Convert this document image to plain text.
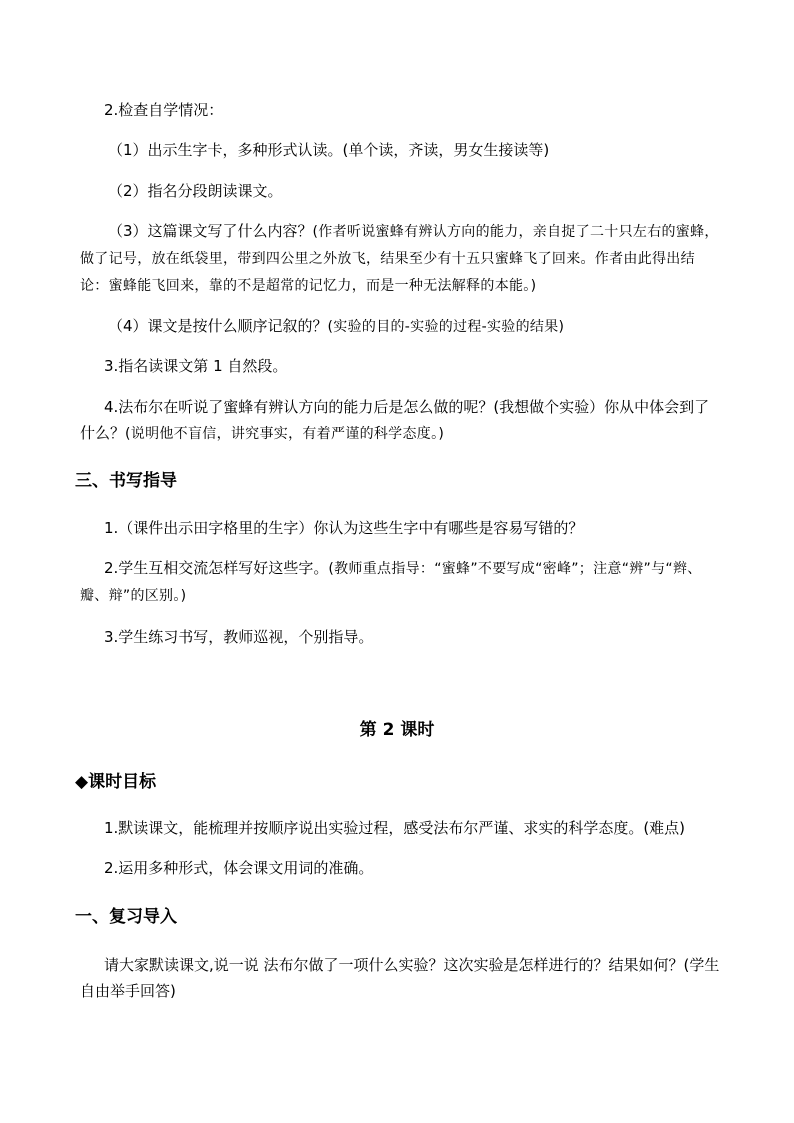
2.检查自学情况：
（1）出示生字卡，多种形式认读。(单个读，齐读，男女生接读等)
（2）指名分段朗读课文。
（3）这篇课文写了什么内容？(作者听说蜜蜂有辨认方向的能力，亲自捉了二十只左右的蜜蜂，做了记号，放在纸袋里，带到四公里之外放飞，结果至少有十五只蜜蜂飞了回来。作者由此得出结论：蜜蜂能飞回来，靠的不是超常的记忆力，而是一种无法解释的本能。)
（4）课文是按什么顺序记叙的？(实验的目的-实验的过程-实验的结果)
3.指名读课文第 1 自然段。
4.法布尔在听说了蜜蜂有辨认方向的能力后是怎么做的呢？(我想做个实验）你从中体会到了什么？(说明他不盲信，讲究事实，有着严谨的科学态度。)
三、书写指导
1.（课件出示田字格里的生字）你认为这些生字中有哪些是容易写错的？
2.学生互相交流怎样写好这些字。(教师重点指导：“蜜蜂”不要写成“密峰”；注意“辨”与“辫、瓣、辩”的区别。)
3.学生练习书写，教师巡视，个别指导。
第 2 课时
◆课时目标
1.默读课文，能梳理并按顺序说出实验过程，感受法布尔严谨、求实的科学态度。(难点)
2.运用多种形式，体会课文用词的准确。
一、复习导入
请大家默读课文,说一说 法布尔做了一项什么实验？这次实验是怎样进行的？结果如何？(学生自由举手回答)
